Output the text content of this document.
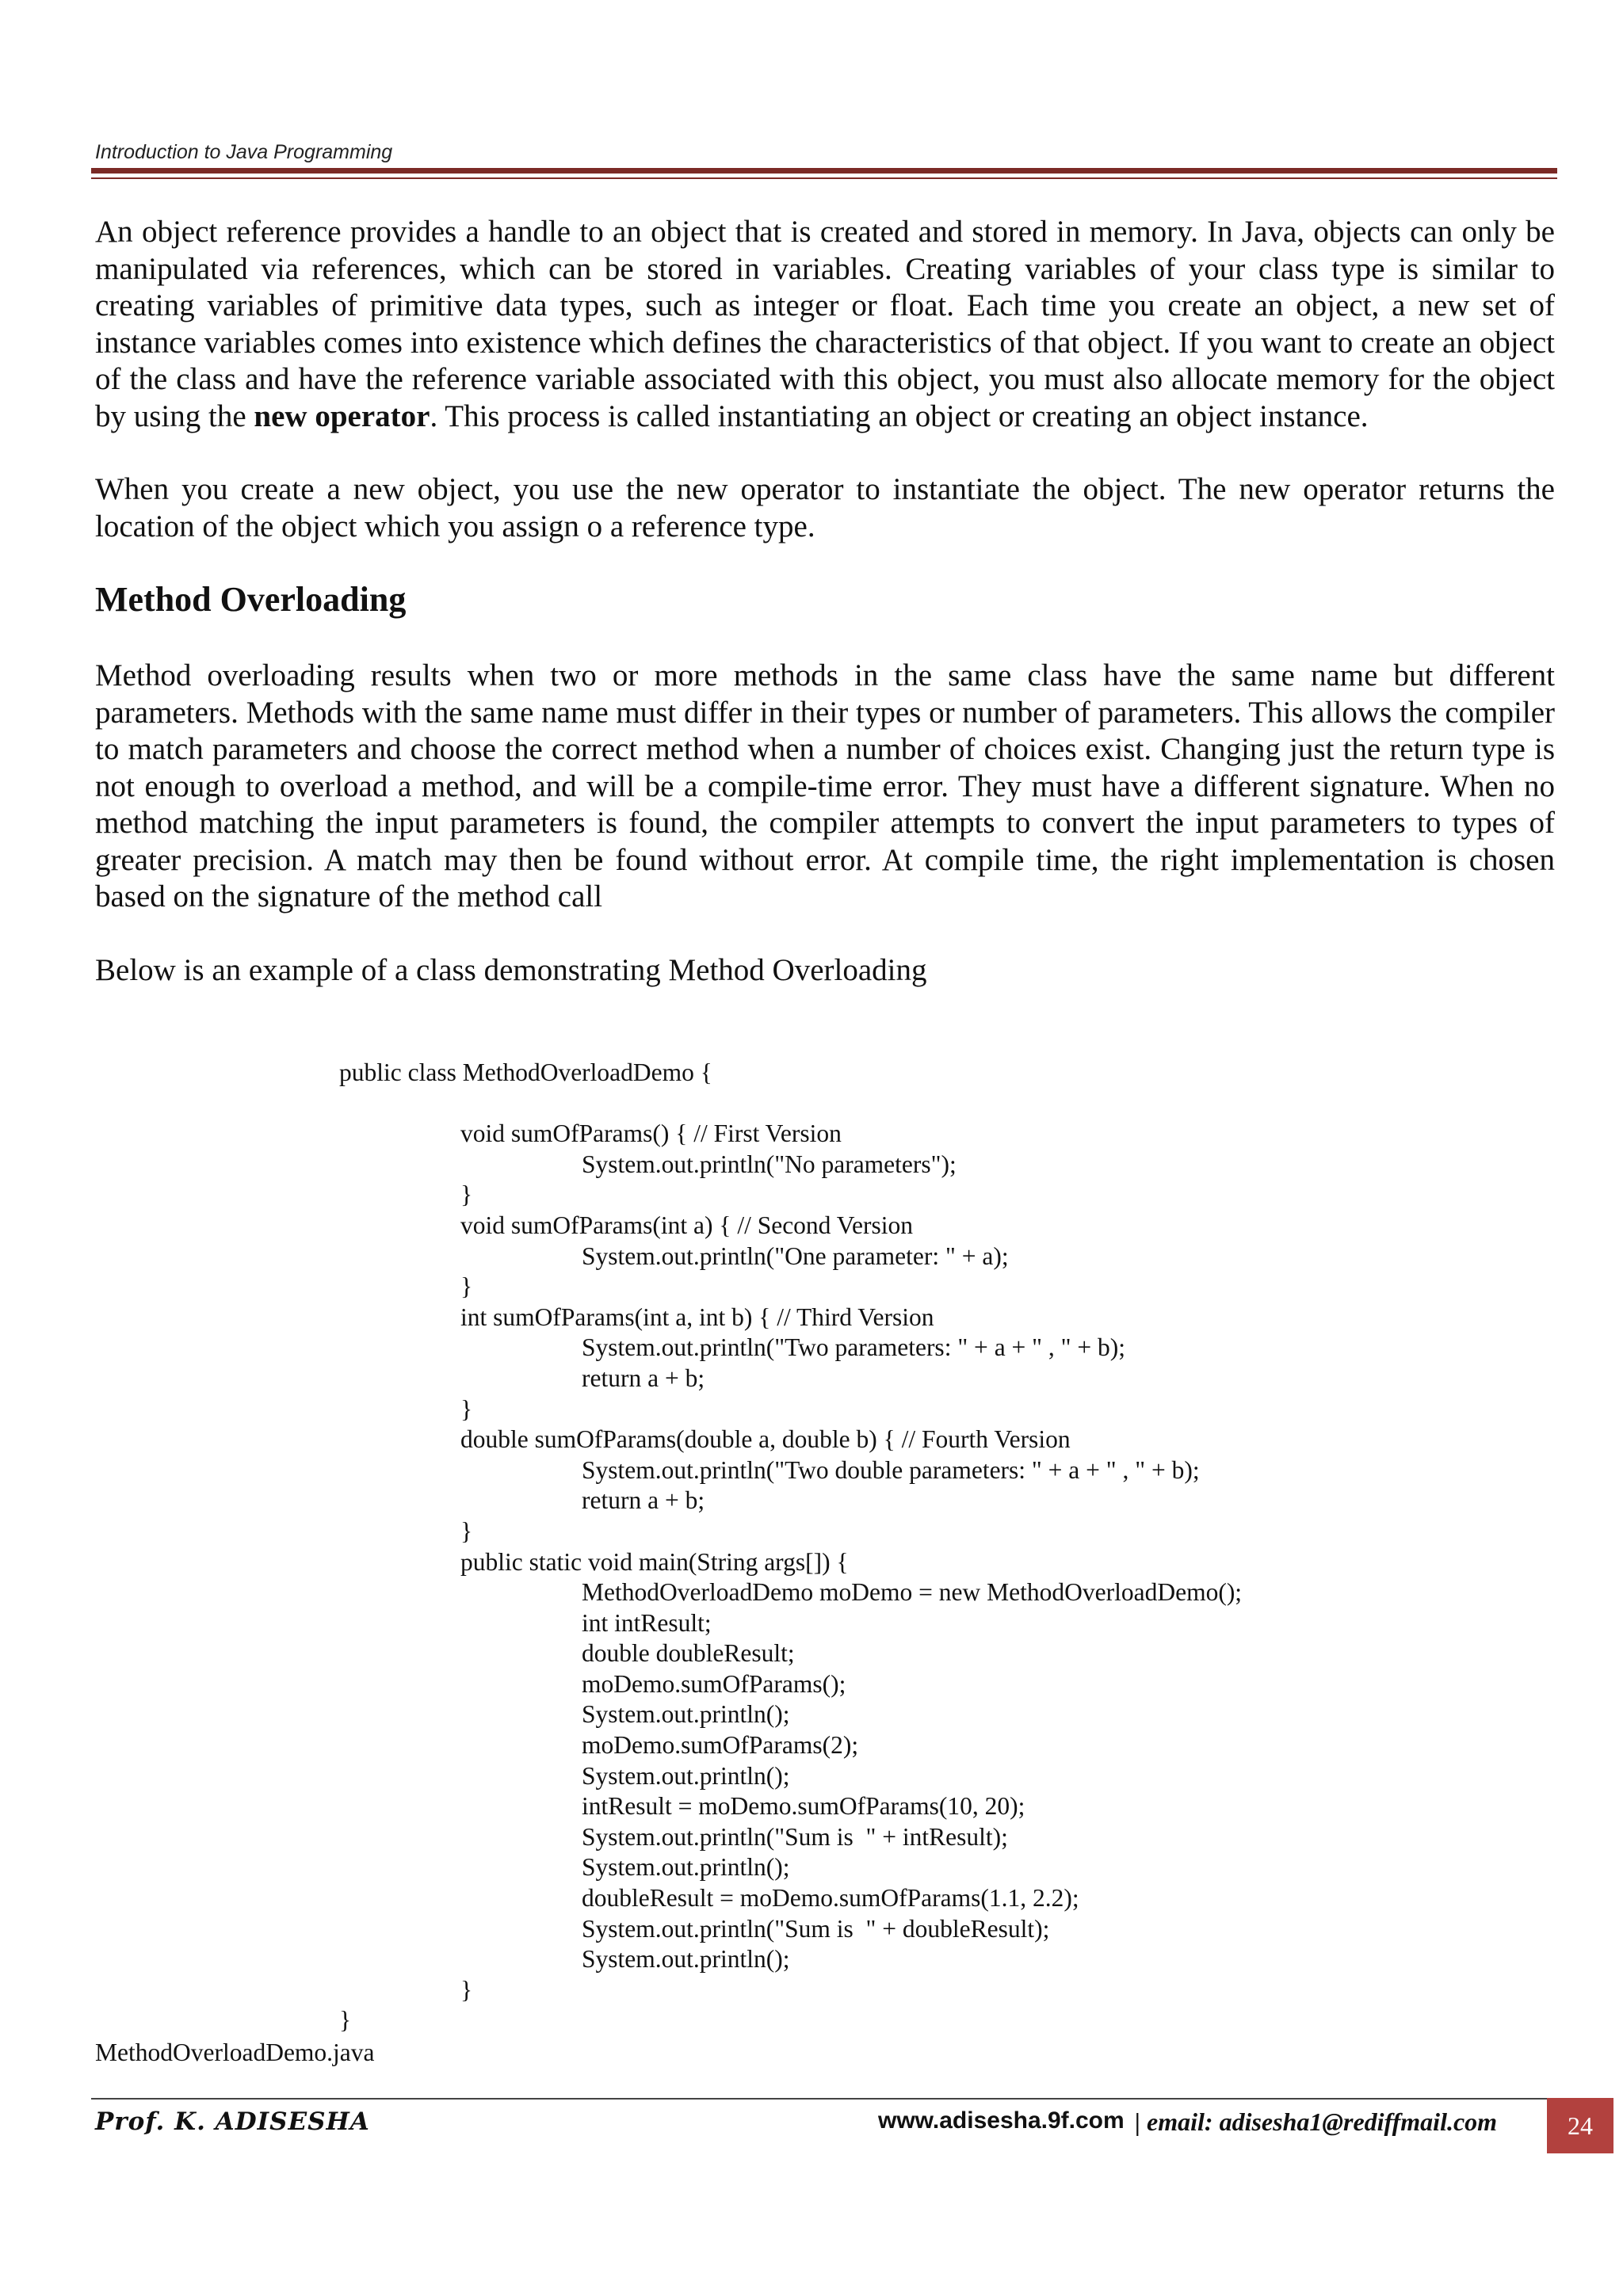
Introduction to Java Programming

An object reference provides a handle to an object that is created and stored in memory. In Java, objects can only be manipulated via references, which can be stored in variables. Creating variables of your class type is similar to creating variables of primitive data types, such as integer or float. Each time you create an object, a new set of instance variables comes into existence which defines the characteristics of that object. If you want to create an object of the class and have the reference variable associated with this object, you must also allocate memory for the object by using the new operator. This process is called instantiating an object or creating an object instance.

When you create a new object, you use the new operator to instantiate the object. The new operator returns the location of the object which you assign o a reference type.

Method Overloading

Method overloading results when two or more methods in the same class have the same name but different parameters. Methods with the same name must differ in their types or number of parameters. This allows the compiler to match parameters and choose the correct method when a number of choices exist. Changing just the return type is not enough to overload a method, and will be a compile-time error. They must have a different signature. When no method matching the input parameters is found, the compiler attempts to convert the input parameters to types of greater precision. A match may then be found without error. At compile time, the right implementation is chosen based on the signature of the method call

Below is an example of a class demonstrating Method Overloading

public class MethodOverloadDemo {
void sumOfParams() { // First Version
System.out.println("No parameters");
}
void sumOfParams(int a) { // Second Version
System.out.println("One parameter: " + a);
}
int sumOfParams(int a, int b) { // Third Version
System.out.println("Two parameters: " + a + " , " + b);
return a + b;
}
double sumOfParams(double a, double b) { // Fourth Version
System.out.println("Two double parameters: " + a + " , " + b);
return a + b;
}
public static void main(String args[]) {
MethodOverloadDemo moDemo = new MethodOverloadDemo();
int intResult;
double doubleResult;
moDemo.sumOfParams();
System.out.println();
moDemo.sumOfParams(2);
System.out.println();
intResult = moDemo.sumOfParams(10, 20);
System.out.println("Sum is  " + intResult);
System.out.println();
doubleResult = moDemo.sumOfParams(1.1, 2.2);
System.out.println("Sum is  " + doubleResult);
System.out.println();
}
}
MethodOverloadDemo.java
Prof. K. ADISESHA	www.adisesha.9f.com | email: adisesha1@rediffmail.com	24
